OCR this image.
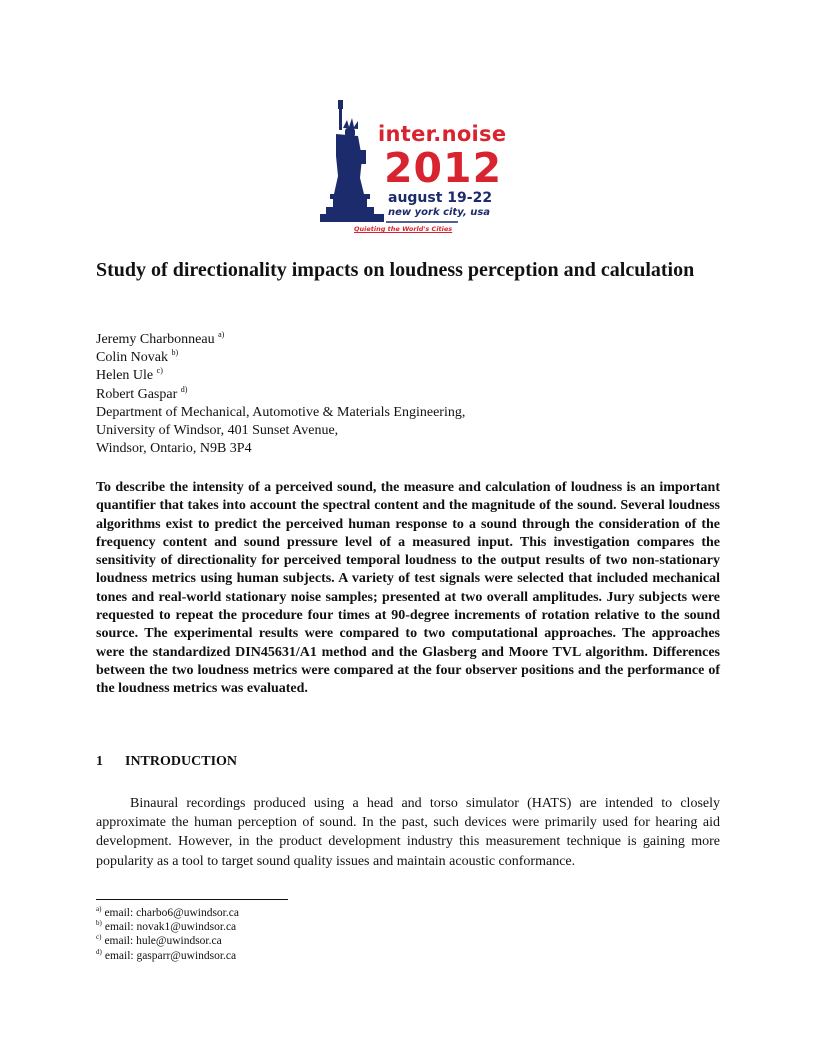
inter.noise
2012
august 19-22
new york city, usa
Quieting the World's Cities
Study of directionality impacts on loudness perception and calculation
Jeremy Charbonneau $^{a)}$
Colin Novak $^{b)}$
Helen Ule $^{c)}$
Robert Gaspar $^{d)}$
Department of Mechanical, Automotive & Materials Engineering,
University of Windsor, 401 Sunset Avenue,
Windsor, Ontario, N9B 3P4

To describe the intensity of a perceived sound, the measure and calculation of loudness is an important quantifier that takes into account the spectral content and the magnitude of the sound. Several loudness algorithms exist to predict the perceived human response to a sound through the consideration of the frequency content and sound pressure level of a measured input. This investigation compares the sensitivity of directionality for perceived temporal loudness to the output results of two non-stationary loudness metrics using human subjects. A variety of test signals were selected that included mechanical tones and real-world stationary noise samples; presented at two overall amplitudes. Jury subjects were requested to repeat the procedure four times at 90-degree increments of rotation relative to the sound source. The experimental results were compared to two computational approaches. The approaches were the standardized DIN45631/A1 method and the Glasberg and Moore TVL algorithm. Differences between the two loudness metrics were compared at the four observer positions and the performance of the loudness metrics was evaluated.

1 INTRODUCTION

Binaural recordings produced using a head and torso simulator (HATS) are intended to closely approximate the human perception of sound. In the past, such devices were primarily used for hearing aid development. However, in the product development industry this measurement technique is gaining more popularity as a tool to target sound quality issues and maintain acoustic conformance.

$^{a)}$ email: charbo6@uwindsor.ca
$^{b)}$ email: novak1@uwindsor.ca
$^{c)}$ email: hule@uwindsor.ca
$^{d)}$ email: gasparr@uwindsor.ca
